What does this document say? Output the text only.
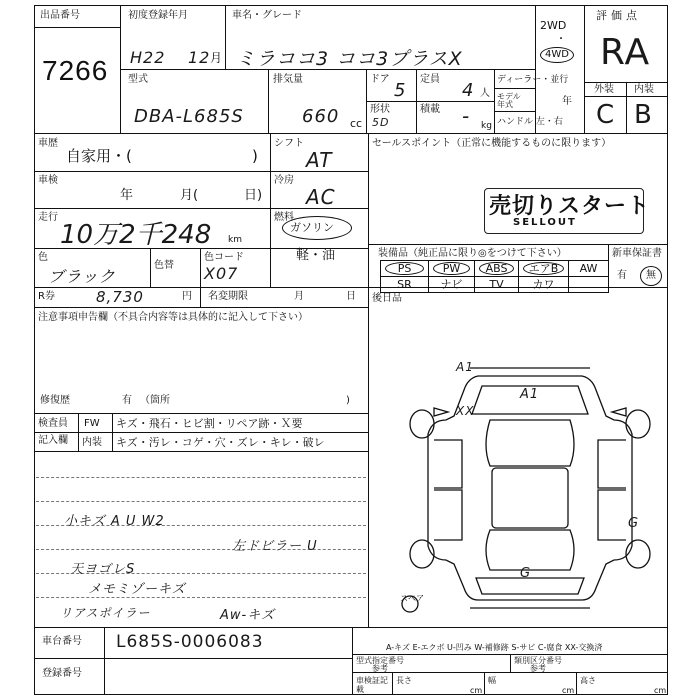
出品番号
7266
初度登録年月
H22 12 月
車名・グレード
ミラココ3 ココ3プラスX
2WD
・
4WD
評価点
RA
型式
DBA-L685S
排気量
660 cc
ドア
5
形状
5D
定員
4 人
積載 - kg
ディーラー・並行
モデル年式	年
ハンドル 左・右
外装 内装
C B
車歴
自家用・(	)
シフト
AT
車検
年	月(	日)
冷房
AC
走行
10万2千248 km
燃料
ガソリン
色
ブラック
色替
色コード
X07
軽・油
R券	8,730	円 名変期限	月	日
セールスポイント（正常に機能するものに限ります）
売切りスタート
SELLOUT
装備品（純正品に限り◎をつけて下さい）	新車保証書
有 無
PS	PW	ABS	エアB	AW
SR	ナビ	TV	カワ
後日品
注意事項申告欄（不具合内容等は具体的に記入して下さい）
修復歴	有 （箇所	)
検査員
記入欄
FW キズ・飛石・ヒビ割・リペア跡・Ｘ要
内装 キズ・汚レ・コゲ・穴・ズレ・キレ・破レ
小キズ A U W2
左ドビラー U
天ヨゴレS
メモミゾーキズ
リアスポイラー	Aw-キズ
A1
A1
XX
G
G
スペア
車台番号 L685S-0006083
登録番号
A-キズ E-エクボ U-凹み W-補修跡 S-サビ C-腐食 XX-交換済
型式指定番号
参考
類別区分番号
参考
車検証記載
長さ
cm
幅
cm
高さ
cm
